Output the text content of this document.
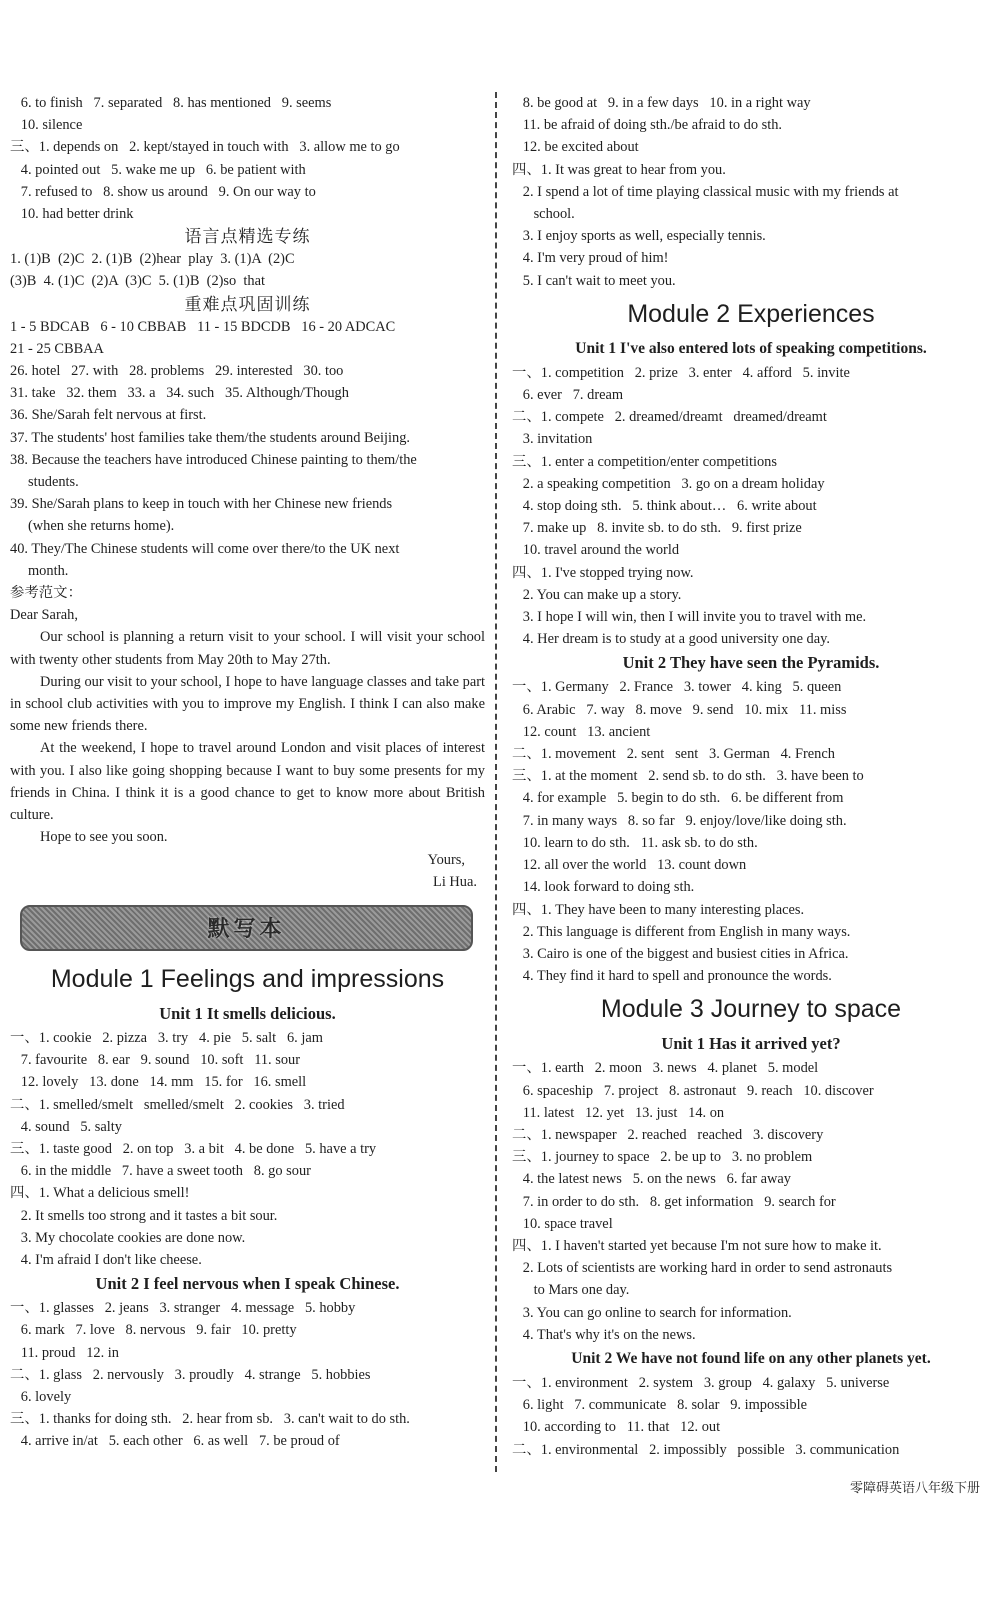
6. to finish   7. separated   8. has mentioned   9. seems
10. silence
三、1. depends on   2. kept/stayed in touch with   3. allow me to go
4. pointed out   5. wake me up   6. be patient with
7. refused to   8. show us around   9. On our way to
10. had better drink
语言点精选专练
1. (1)B  (2)C  2. (1)B  (2)hear  play  3. (1)A  (2)C
(3)B  4. (1)C  (2)A  (3)C  5. (1)B  (2)so  that
重难点巩固训练
1 - 5 BDCAB   6 - 10 CBBAB   11 - 15 BDCDB   16 - 20 ADCAC
21 - 25 CBBAA
26. hotel   27. with   28. problems   29. interested   30. too
31. take   32. them   33. a   34. such   35. Although/Though
36. She/Sarah felt nervous at first.
37. The students' host families take them/the students around Beijing.
38. Because the teachers have introduced Chinese painting to them/the
students.
39. She/Sarah plans to keep in touch with her Chinese new friends
(when she returns home).
40. They/The Chinese students will come over there/to the UK next
month.
参考范文：
Dear Sarah,
Our school is planning a return visit to your school. I will visit your school with twenty other students from May 20th to May 27th.
During our visit to your school, I hope to have language classes and take part in school club activities with you to improve my English. I think I can also make some new friends there.
At the weekend, I hope to travel around London and visit places of interest with you. I also like going shopping because I want to buy some presents for my friends in China. I think it is a good chance to get to know more about British culture.
Hope to see you soon.
Yours,
Li Hua.
默写本
Module 1 Feelings and impressions
Unit 1 It smells delicious.
一、1. cookie   2. pizza   3. try   4. pie   5. salt   6. jam
7. favourite   8. ear   9. sound   10. soft   11. sour
12. lovely   13. done   14. mm   15. for   16. smell
二、1. smelled/smelt   smelled/smelt   2. cookies   3. tried
4. sound   5. salty
三、1. taste good   2. on top   3. a bit   4. be done   5. have a try
6. in the middle   7. have a sweet tooth   8. go sour
四、1. What a delicious smell!
2. It smells too strong and it tastes a bit sour.
3. My chocolate cookies are done now.
4. I'm afraid I don't like cheese.
Unit 2 I feel nervous when I speak Chinese.
一、1. glasses   2. jeans   3. stranger   4. message   5. hobby
6. mark   7. love   8. nervous   9. fair   10. pretty
11. proud   12. in
二、1. glass   2. nervously   3. proudly   4. strange   5. hobbies
6. lovely
三、1. thanks for doing sth.   2. hear from sb.   3. can't wait to do sth.
4. arrive in/at   5. each other   6. as well   7. be proud of
8. be good at   9. in a few days   10. in a right way
11. be afraid of doing sth./be afraid to do sth.
12. be excited about
四、1. It was great to hear from you.
2. I spend a lot of time playing classical music with my friends at
school.
3. I enjoy sports as well, especially tennis.
4. I'm very proud of him!
5. I can't wait to meet you.
Module 2 Experiences
Unit 1 I've also entered lots of speaking competitions.
一、1. competition   2. prize   3. enter   4. afford   5. invite
6. ever   7. dream
二、1. compete   2. dreamed/dreamt   dreamed/dreamt
3. invitation
三、1. enter a competition/enter competitions
2. a speaking competition   3. go on a dream holiday
4. stop doing sth.   5. think about…   6. write about
7. make up   8. invite sb. to do sth.   9. first prize
10. travel around the world
四、1. I've stopped trying now.
2. You can make up a story.
3. I hope I will win, then I will invite you to travel with me.
4. Her dream is to study at a good university one day.
Unit 2 They have seen the Pyramids.
一、1. Germany   2. France   3. tower   4. king   5. queen
6. Arabic   7. way   8. move   9. send   10. mix   11. miss
12. count   13. ancient
二、1. movement   2. sent   sent   3. German   4. French
三、1. at the moment   2. send sb. to do sth.   3. have been to
4. for example   5. begin to do sth.   6. be different from
7. in many ways   8. so far   9. enjoy/love/like doing sth.
10. learn to do sth.   11. ask sb. to do sth.
12. all over the world   13. count down
14. look forward to doing sth.
四、1. They have been to many interesting places.
2. This language is different from English in many ways.
3. Cairo is one of the biggest and busiest cities in Africa.
4. They find it hard to spell and pronounce the words.
Module 3 Journey to space
Unit 1 Has it arrived yet?
一、1. earth   2. moon   3. news   4. planet   5. model
6. spaceship   7. project   8. astronaut   9. reach   10. discover
11. latest   12. yet   13. just   14. on
二、1. newspaper   2. reached   reached   3. discovery
三、1. journey to space   2. be up to   3. no problem
4. the latest news   5. on the news   6. far away
7. in order to do sth.   8. get information   9. search for
10. space travel
四、1. I haven't started yet because I'm not sure how to make it.
2. Lots of scientists are working hard in order to send astronauts
to Mars one day.
3. You can go online to search for information.
4. That's why it's on the news.
Unit 2 We have not found life on any other planets yet.
一、1. environment   2. system   3. group   4. galaxy   5. universe
6. light   7. communicate   8. solar   9. impossible
10. according to   11. that   12. out
二、1. environmental   2. impossibly   possible   3. communication
零障碍英语八年级下册
